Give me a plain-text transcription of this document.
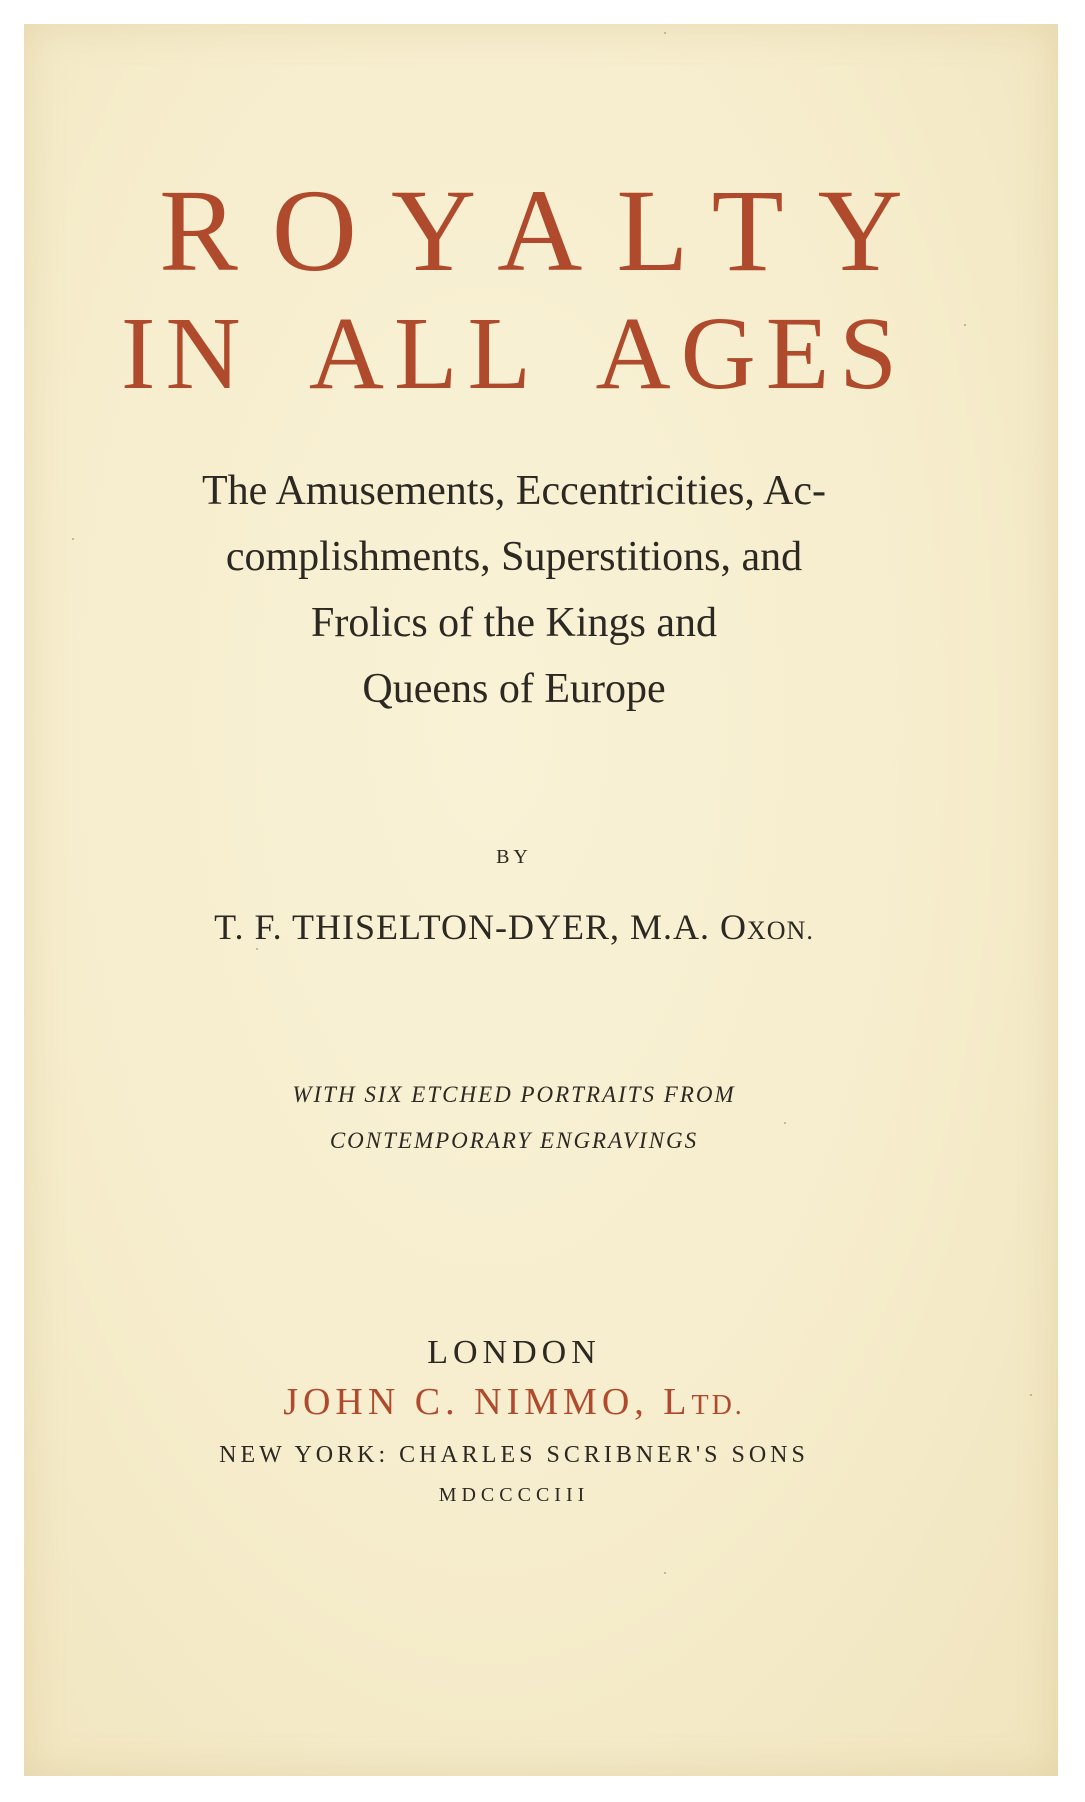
ROYALTY
IN ALL AGES
The Amusements, Eccentricities, Ac-
complishments, Superstitions, and
Frolics of the Kings and
Queens of Europe
BY
T. F. THISELTON-DYER, M.A. OXON.
WITH SIX ETCHED PORTRAITS FROM
CONTEMPORARY ENGRAVINGS
LONDON
JOHN C. NIMMO, LTD.
NEW YORK: CHARLES SCRIBNER'S SONS
MDCCCCIII
